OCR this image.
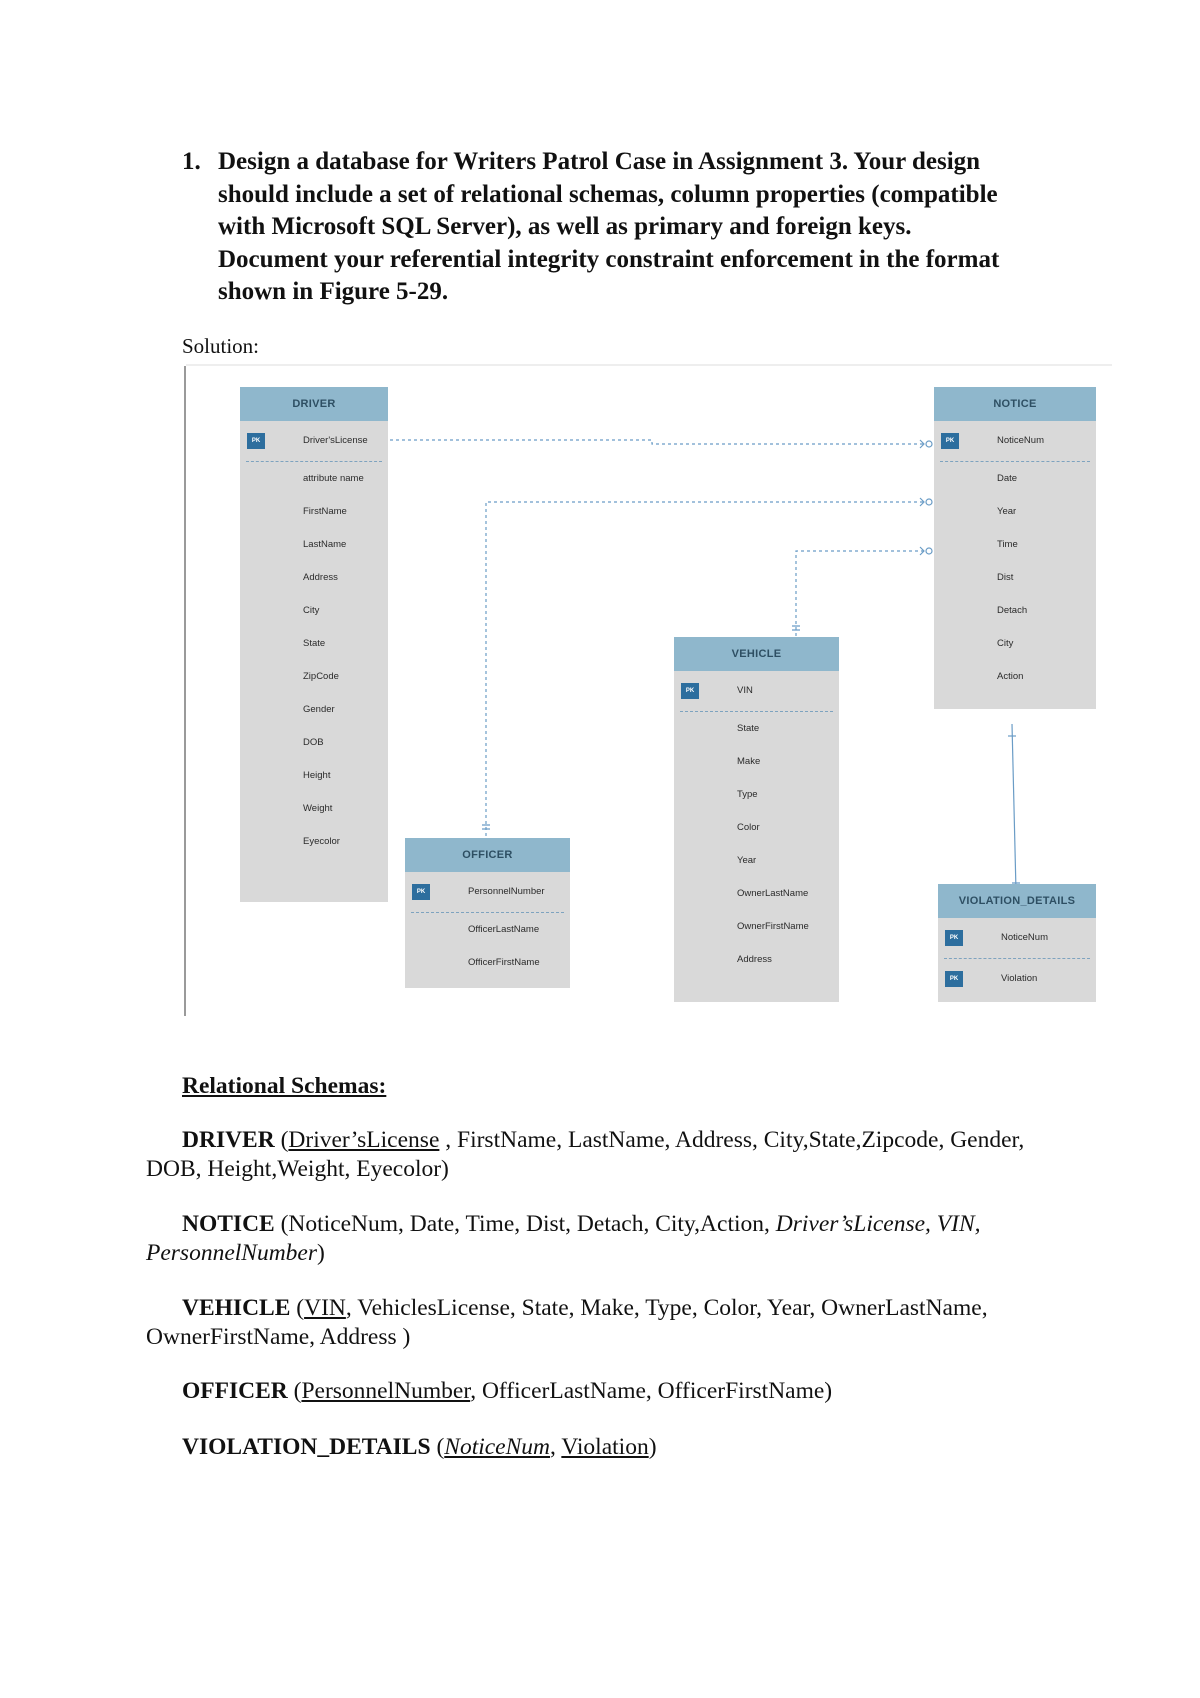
1. Design a database for Writers Patrol Case in Assignment 3. Your design
should include a set of relational schemas, column properties (compatible
with Microsoft SQL Server), as well as primary and foreign keys.
Document your referential integrity constraint enforcement in the format
shown in Figure 5-29.
Solution:
DRIVER
PK	Driver'sLicense
attribute name
FirstName
LastName
Address
City
State
ZipCode
Gender
DOB
Height
Weight
Eyecolor
NOTICE
PK	NoticeNum
Date
Year
Time
Dist
Detach
City
Action
VEHICLE
PK	VIN
State
Make
Type
Color
Year
OwnerLastName
OwnerFirstName
Address
OFFICER
PK	PersonnelNumber
OfficerLastName
OfficerFirstName
VIOLATION_DETAILS
PK	NoticeNum
PK	Violation
Relational Schemas:
DRIVER (Driver’sLicense , FirstName, LastName, Address, City,State,Zipcode, Gender,
DOB, Height,Weight, Eyecolor)
NOTICE (NoticeNum, Date, Time, Dist, Detach, City,Action, Driver’sLicense, VIN,
PersonnelNumber)
VEHICLE (VIN, VehiclesLicense, State, Make, Type, Color, Year, OwnerLastName,
OwnerFirstName, Address )
OFFICER (PersonnelNumber, OfficerLastName, OfficerFirstName)
VIOLATION_DETAILS (NoticeNum, Violation)
